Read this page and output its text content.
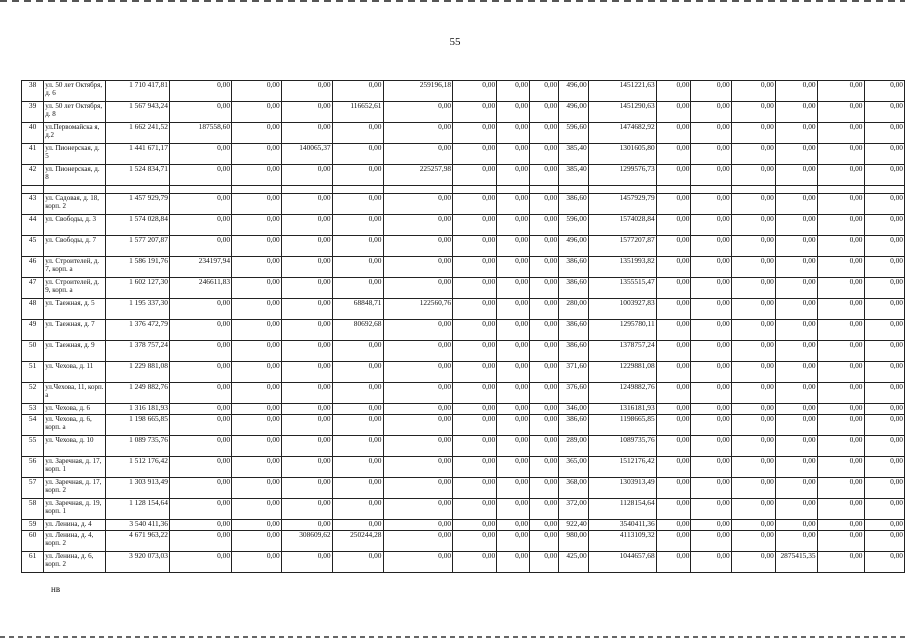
55
38	ул. 50 лет Октября, д. 6	1 710 417,81	0,00	0,00	0,00	0,00	259196,18	0,00	0,00	0,00	496,00	1451221,63	0,00	0,00	0,00	0,00	0,00	0,00
39	ул. 50 лет Октября, д. 8	1 567 943,24	0,00	0,00	0,00	116652,61	0,00	0,00	0,00	0,00	496,00	1451290,63	0,00	0,00	0,00	0,00	0,00	0,00
40	ул.Первомайска я, д.2	1 662 241,52	187558,60	0,00	0,00	0,00	0,00	0,00	0,00	0,00	596,60	1474682,92	0,00	0,00	0,00	0,00	0,00	0,00
41	ул. Пионерская, д. 5	1 441 671,17	0,00	0,00	140065,37	0,00	0,00	0,00	0,00	0,00	385,40	1301605,80	0,00	0,00	0,00	0,00	0,00	0,00
42	ул. Пионерская, д. 8	1 524 834,71	0,00	0,00	0,00	0,00	225257,98	0,00	0,00	0,00	385,40	1299576,73	0,00	0,00	0,00	0,00	0,00	0,00

43	ул. Садовая, д. 18, корп. 2	1 457 929,79	0,00	0,00	0,00	0,00	0,00	0,00	0,00	0,00	386,60	1457929,79	0,00	0,00	0,00	0,00	0,00	0,00
44	ул. Свободы, д. 3	1 574 028,84	0,00	0,00	0,00	0,00	0,00	0,00	0,00	0,00	596,00	1574028,84	0,00	0,00	0,00	0,00	0,00	0,00
45	ул. Свободы, д. 7	1 577 207,87	0,00	0,00	0,00	0,00	0,00	0,00	0,00	0,00	496,00	1577207,87	0,00	0,00	0,00	0,00	0,00	0,00
46	ул. Строителей, д. 7, корп. а	1 586 191,76	234197,94	0,00	0,00	0,00	0,00	0,00	0,00	0,00	386,60	1351993,82	0,00	0,00	0,00	0,00	0,00	0,00
47	ул. Строителей, д. 9, корп. а	1 602 127,30	246611,83	0,00	0,00	0,00	0,00	0,00	0,00	0,00	386,60	1355515,47	0,00	0,00	0,00	0,00	0,00	0,00
48	ул. Таежная, д. 5	1 195 337,30	0,00	0,00	0,00	68848,71	122560,76	0,00	0,00	0,00	280,00	1003927,83	0,00	0,00	0,00	0,00	0,00	0,00
49	ул. Таежная, д. 7	1 376 472,79	0,00	0,00	0,00	80692,68	0,00	0,00	0,00	0,00	386,60	1295780,11	0,00	0,00	0,00	0,00	0,00	0,00
50	ул. Таежная, д. 9	1 378 757,24	0,00	0,00	0,00	0,00	0,00	0,00	0,00	0,00	386,60	1378757,24	0,00	0,00	0,00	0,00	0,00	0,00
51	ул. Чехова, д. 11	1 229 881,08	0,00	0,00	0,00	0,00	0,00	0,00	0,00	0,00	371,60	1229881,08	0,00	0,00	0,00	0,00	0,00	0,00
52	ул.Чехова, 11, корп. а	1 249 882,76	0,00	0,00	0,00	0,00	0,00	0,00	0,00	0,00	376,60	1249882,76	0,00	0,00	0,00	0,00	0,00	0,00
53	ул. Чехова, д. 6	1 316 181,93	0,00	0,00	0,00	0,00	0,00	0,00	0,00	0,00	346,00	1316181,93	0,00	0,00	0,00	0,00	0,00	0,00
54	ул. Чехова, д. 6, корп. а	1 198 665,85	0,00	0,00	0,00	0,00	0,00	0,00	0,00	0,00	386,60	1198665,85	0,00	0,00	0,00	0,00	0,00	0,00
55	ул. Чехова, д. 10	1 089 735,76	0,00	0,00	0,00	0,00	0,00	0,00	0,00	0,00	289,00	1089735,76	0,00	0,00	0,00	0,00	0,00	0,00
56	ул. Заречная, д. 17, корп. 1	1 512 176,42	0,00	0,00	0,00	0,00	0,00	0,00	0,00	0,00	365,00	1512176,42	0,00	0,00	0,00	0,00	0,00	0,00
57	ул. Заречная, д. 17, корп. 2	1 303 913,49	0,00	0,00	0,00	0,00	0,00	0,00	0,00	0,00	368,00	1303913,49	0,00	0,00	0,00	0,00	0,00	0,00
58	ул. Заречная, д. 19, корп. 1	1 128 154,64	0,00	0,00	0,00	0,00	0,00	0,00	0,00	0,00	372,00	1128154,64	0,00	0,00	0,00	0,00	0,00	0,00
59	ул. Ленина, д. 4	3 540 411,36	0,00	0,00	0,00	0,00	0,00	0,00	0,00	0,00	922,40	3540411,36	0,00	0,00	0,00	0,00	0,00	0,00
60	ул. Ленина, д. 4, корп. 2	4 671 963,22	0,00	0,00	308609,62	250244,28	0,00	0,00	0,00	0,00	980,00	4113109,32	0,00	0,00	0,00	0,00	0,00	0,00
61	ул. Ленина, д. 6, корп. 2	3 920 073,03	0,00	0,00	0,00	0,00	0,00	0,00	0,00	0,00	425,00	1044657,68	0,00	0,00	0,00	2875415,35	0,00	0,00
нв
